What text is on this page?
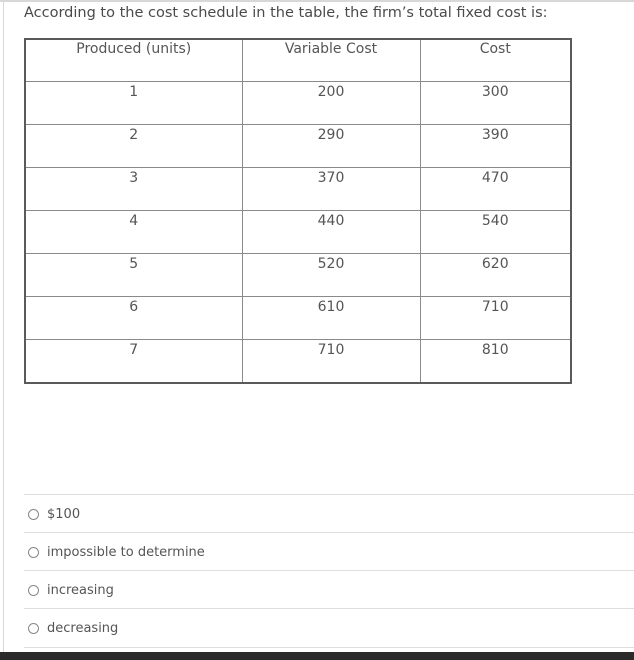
According to the cost schedule in the table, the firm’s total fixed cost is:
Produced (units)	Variable Cost	Cost
1	200	300
2	290	390
3	370	470
4	440	540
5	520	620
6	610	710
7	710	810
$100
impossible to determine
increasing
decreasing
